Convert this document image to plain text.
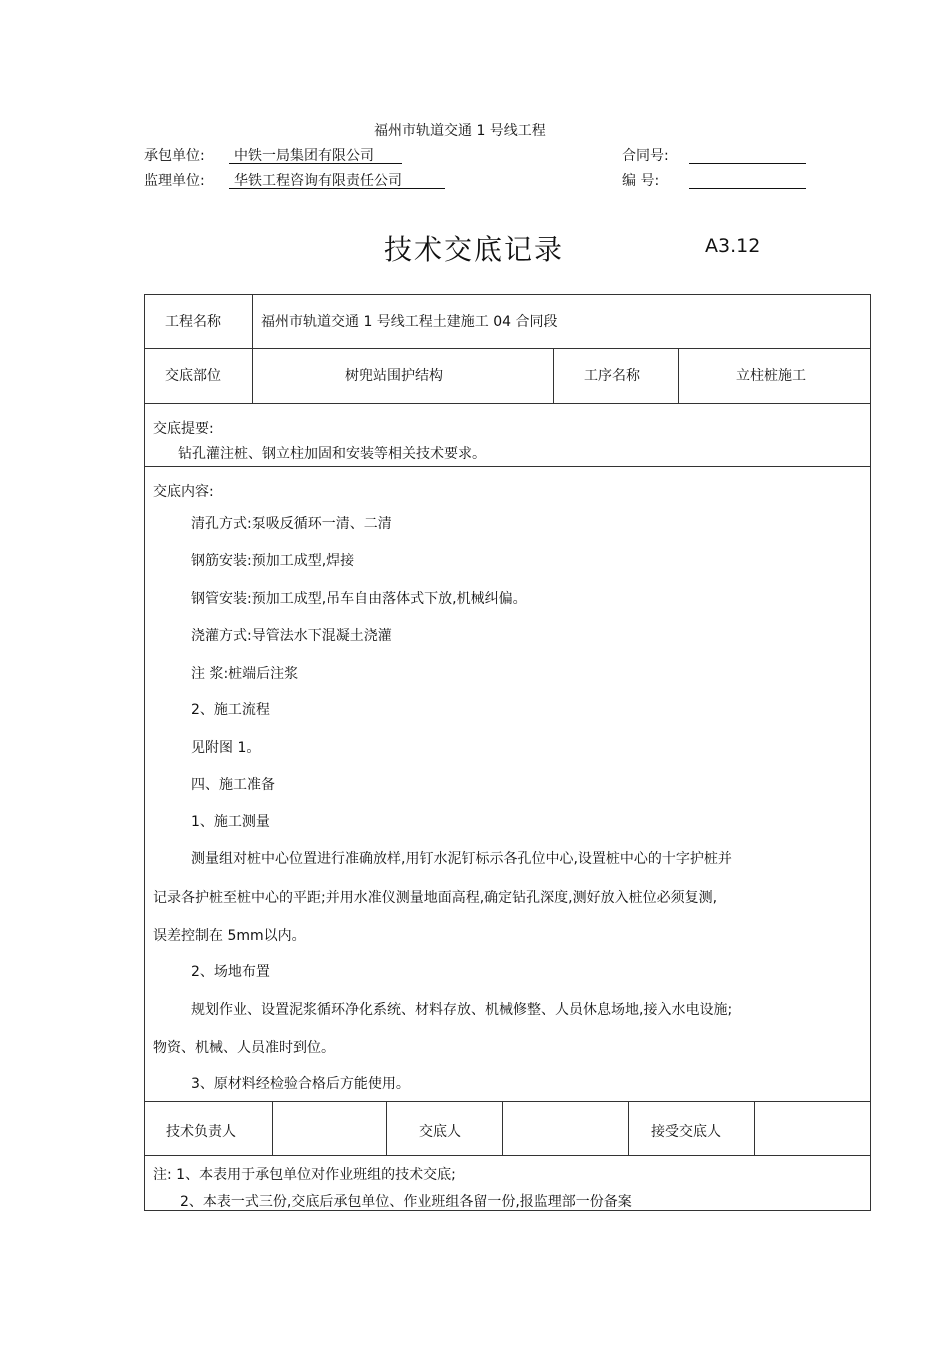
福州市轨道交通 1 号线工程
承包单位: 中铁一局集团有限公司	合同号:
监理单位: 华铁工程咨询有限责任公司	编 号:
技术交底记录	A3.12
工程名称	福州市轨道交通 1 号线工程土建施工 04 合同段
交底部位	树兜站围护结构	工序名称	立柱桩施工
交底提要:
钻孔灌注桩、钢立柱加固和安装等相关技术要求。
交底内容:
清孔方式:泵吸反循环一清、二清
钢筋安装:预加工成型,焊接
钢管安装:预加工成型,吊车自由落体式下放,机械纠偏。
浇灌方式:导管法水下混凝土浇灌
注 浆:桩端后注浆
2、施工流程
见附图 1。
四、施工准备
1、施工测量
测量组对桩中心位置进行准确放样,用钉水泥钉标示各孔位中心,设置桩中心的十字护桩并
记录各护桩至桩中心的平距;并用水准仪测量地面高程,确定钻孔深度,测好放入桩位必须复测,
误差控制在 5mm以内。
2、场地布置
规划作业、设置泥浆循环净化系统、材料存放、机械修整、人员休息场地,接入水电设施;
物资、机械、人员准时到位。
3、原材料经检验合格后方能使用。
技术负责人	交底人	接受交底人
注: 1、本表用于承包单位对作业班组的技术交底;
2、本表一式三份,交底后承包单位、作业班组各留一份,报监理部一份备案
